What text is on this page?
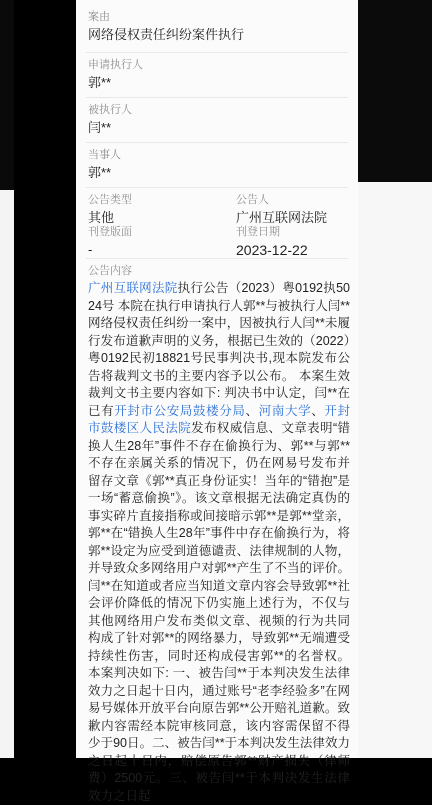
案由
网络侵权责任纠纷案件执行
申请执行人
郭**
被执行人
闫**
当事人
郭**
公告类型
其他
公告人
广州互联网法院
刊登版面
-
刊登日期
2023-12-22
公告内容
广州互联网法院执行公告（2023）粤0192执5024号 本院在执行申请执行人郭**与被执行人闫**网络侵权责任纠纷一案中，因被执行人闫**未履行发布道歉声明的义务，根据已生效的（2022）粤0192民初18821号民事判决书,现本院发布公告将裁判文书的主要内容予以公布。 本案生效裁判文书主要内容如下: 判决书中认定，闫**在已有开封市公安局鼓楼分局、河南大学、开封市鼓楼区人民法院发布权威信息、文章表明“错换人生28年”事件不存在偷换行为、郭**与郭**不存在亲属关系的情况下，仍在网易号发布并留存文章《郭**真正身份证实！当年的“错抱”是一场“蓄意偷换”》。该文章根据无法确定真伪的事实碎片直接指称或间接暗示郭**是郭**堂亲，郭**在“错换人生28年”事件中存在偷换行为，将郭**设定为应受到道德谴责、法律规制的人物，并导致众多网络用户对郭**产生了不当的评价。闫**在知道或者应当知道文章内容会导致郭**社会评价降低的情况下仍实施上述行为，不仅与其他网络用户发布类似文章、视频的行为共同构成了针对郭**的网络暴力，导致郭**无端遭受持续性伤害，同时还构成侵害郭**的名誉权。 本案判决如下: 一、被告闫**于本判决发生法律效力之日起十日内，通过账号“老李经验多”在网易号媒体开放平台向原告郭**公开赔礼道歉。致歉内容需经本院审核同意，该内容需保留不得少于90日。二、被告闫**于本判决发生法律效力之日起十日内，赔偿原告郭**财产损失（律师费）2500元。三、被告闫**于本判决发生法律效力之日起
